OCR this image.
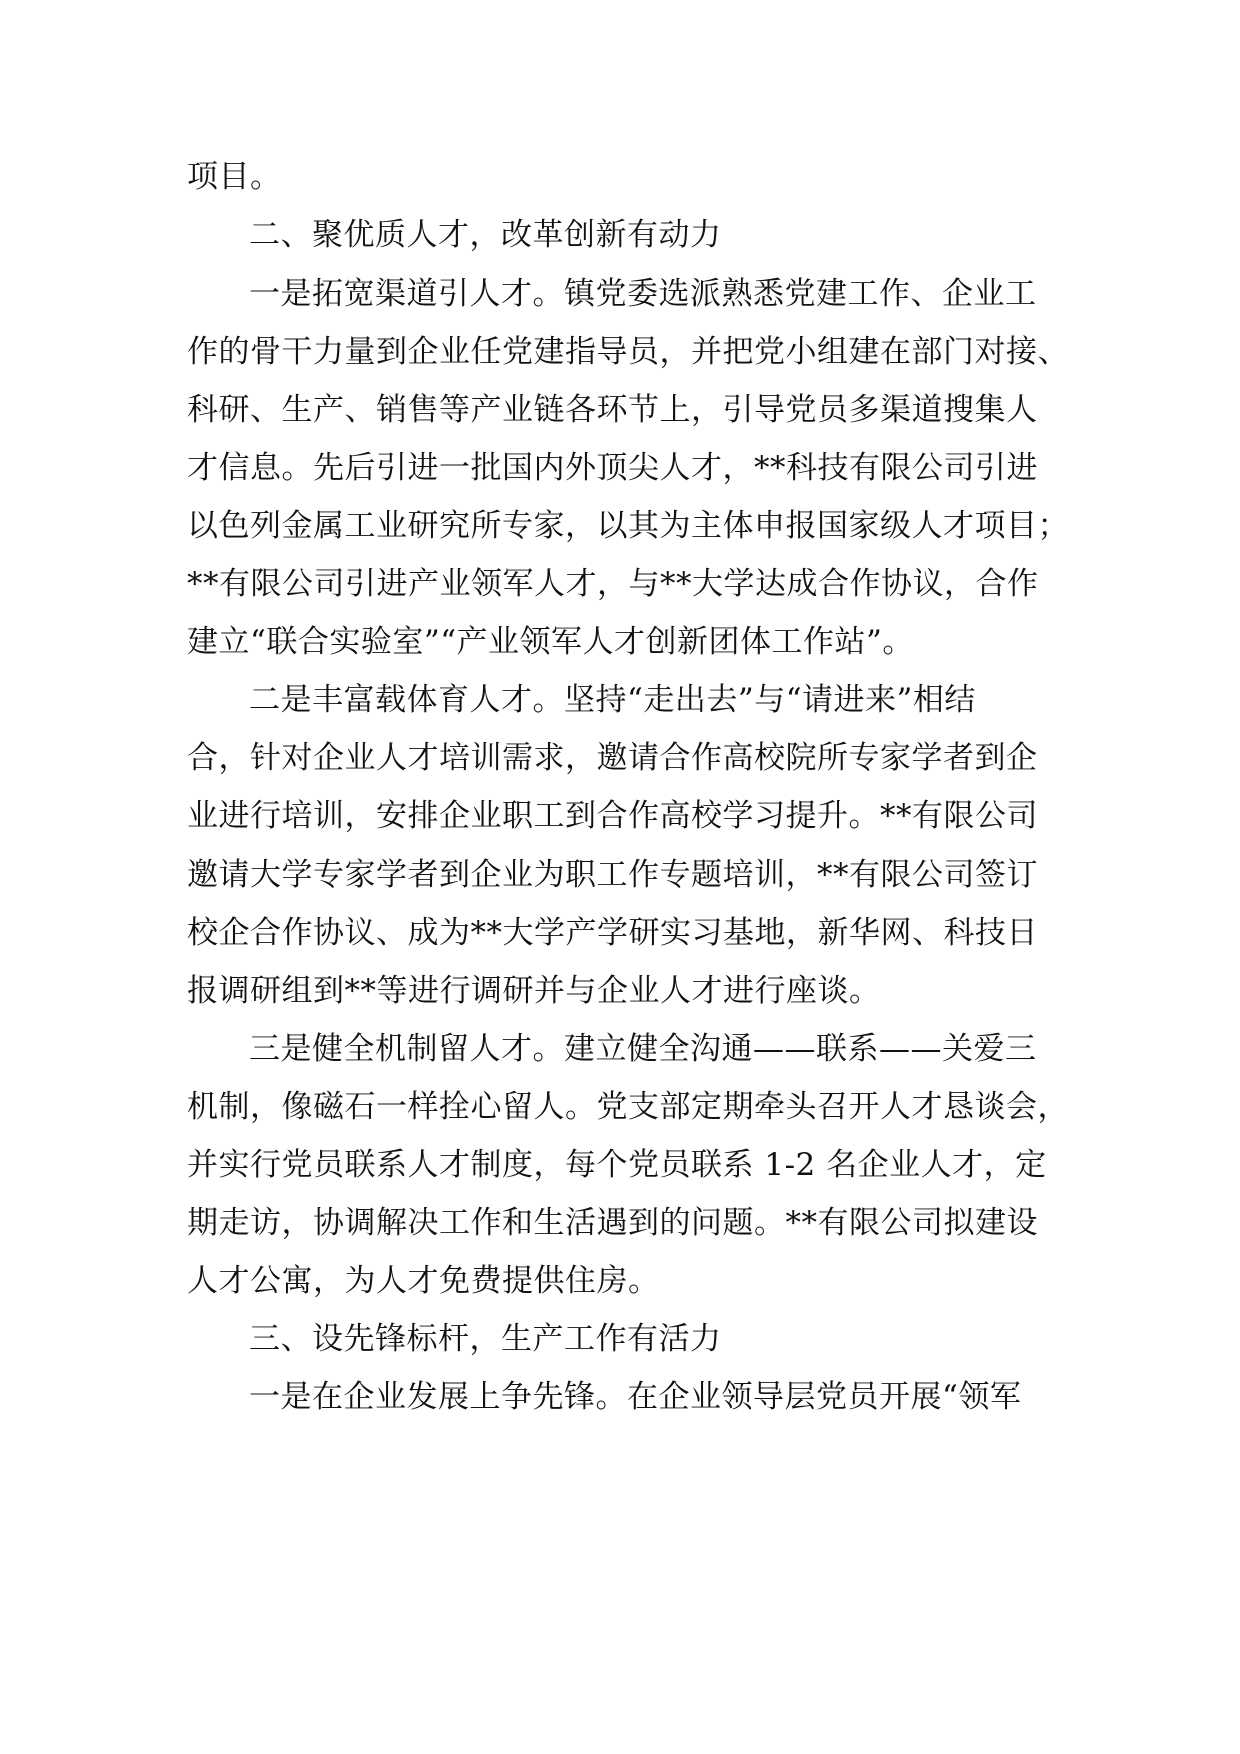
项目。
二、聚优质人才，改革创新有动力
一是拓宽渠道引人才。镇党委选派熟悉党建工作、企业工
作的骨干力量到企业任党建指导员，并把党小组建在部门对接、
科研、生产、销售等产业链各环节上，引导党员多渠道搜集人
才信息。先后引进一批国内外顶尖人才，**科技有限公司引进
以色列金属工业研究所专家，以其为主体申报国家级人才项目；
**有限公司引进产业领军人才，与**大学达成合作协议，合作
建立“联合实验室”“产业领军人才创新团体工作站”。
二是丰富载体育人才。坚持“走出去”与“请进来”相结
合，针对企业人才培训需求，邀请合作高校院所专家学者到企
业进行培训，安排企业职工到合作高校学习提升。**有限公司
邀请大学专家学者到企业为职工作专题培训，**有限公司签订
校企合作协议、成为**大学产学研实习基地，新华网、科技日
报调研组到**等进行调研并与企业人才进行座谈。
三是健全机制留人才。建立健全沟通——联系——关爱三
机制，像磁石一样拴心留人。党支部定期牵头召开人才恳谈会，
并实行党员联系人才制度，每个党员联系 1-2 名企业人才，定
期走访，协调解决工作和生活遇到的问题。**有限公司拟建设
人才公寓，为人才免费提供住房。
三、设先锋标杆，生产工作有活力
一是在企业发展上争先锋。在企业领导层党员开展“领军
